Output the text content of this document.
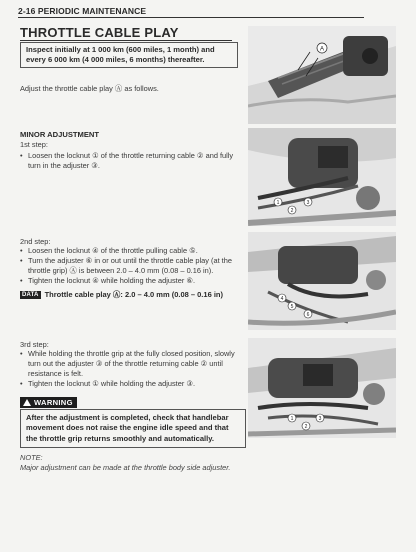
2-16 PERIODIC MAINTENANCE
THROTTLE CABLE PLAY
Inspect initially at 1 000 km (600 miles, 1 month) and every 6 000 km (4 000 miles, 6 months) thereafter.
Adjust the throttle cable play Ⓐ as follows.
MINOR ADJUSTMENT
1st step:
• Loosen the locknut ① of the throttle returning cable ② and fully turn in the adjuster ③.
2nd step:
• Loosen the locknut ④ of the throttle pulling cable ⑤.
• Turn the adjuster ⑥ in or out until the throttle cable play (at the throttle grip) Ⓐ is between 2.0 – 4.0 mm (0.08 – 0.16 in).
• Tighten the locknut ④ while holding the adjuster ⑥.
DATA Throttle cable play Ⓐ: 2.0 – 4.0 mm (0.08 – 0.16 in)
3rd step:
• While holding the throttle grip at the fully closed position, slowly turn out the adjuster ③ of the throttle returning cable ② until resistance is felt.
• Tighten the locknut ① while holding the adjuster ③.
WARNING
After the adjustment is completed, check that handlebar movement does not raise the engine idle speed and that the throttle grip returns smoothly and automatically.
NOTE:
Major adjustment can be made at the throttle body side adjuster.
A
1
2
3
4
5
6
1
2
3
